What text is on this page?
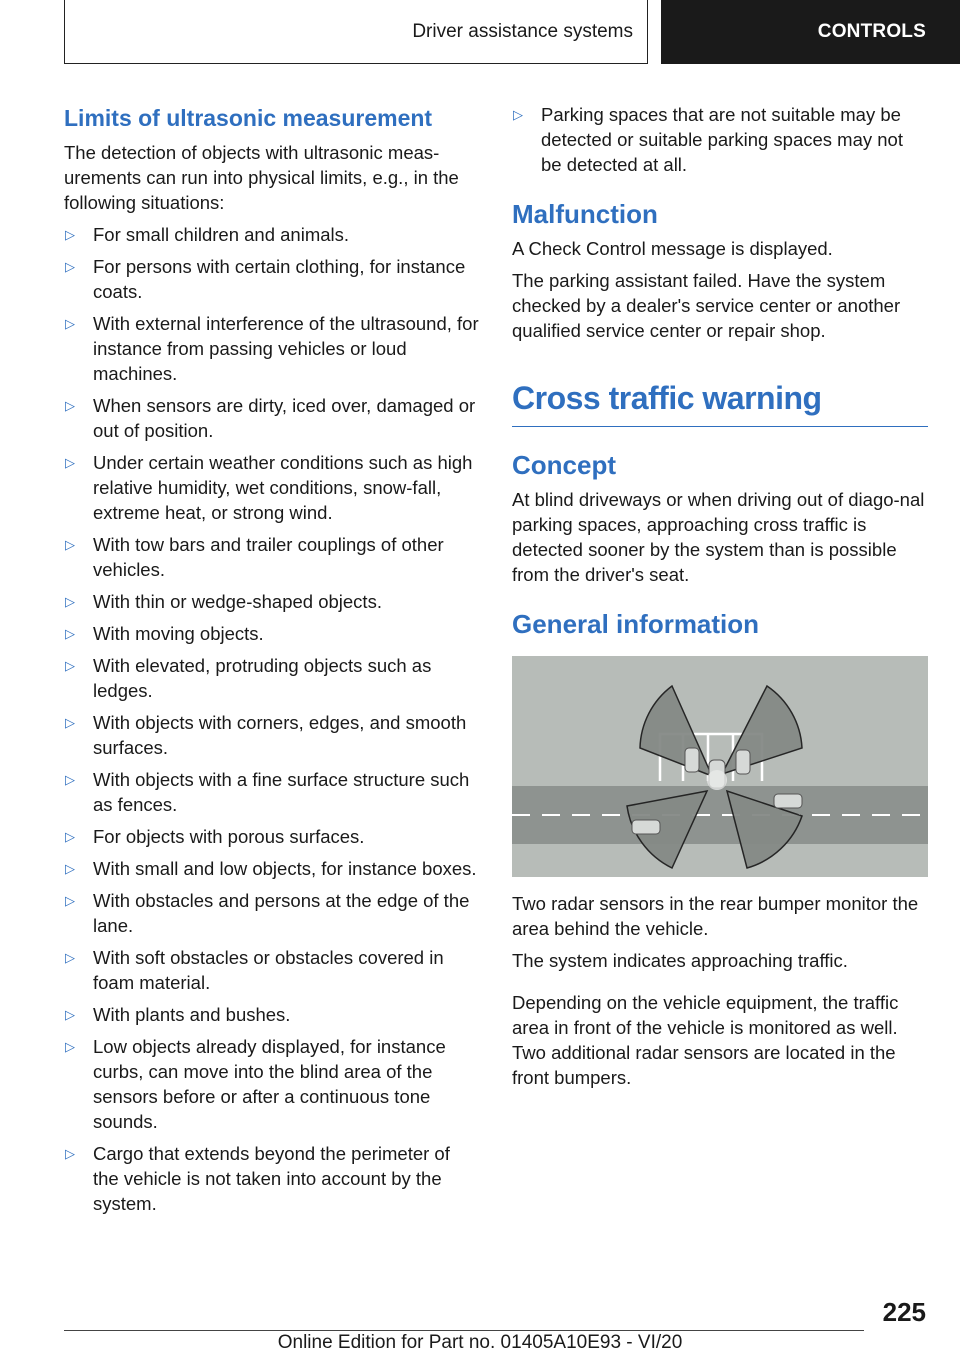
Driver assistance systems	CONTROLS
Limits of ultrasonic measurement

The detection of objects with ultrasonic meas-urements can run into physical limits, e.g., in the following situations:

▷ For small children and animals.
▷ For persons with certain clothing, for instance coats.
▷ With external interference of the ultrasound, for instance from passing vehicles or loud machines.
▷ When sensors are dirty, iced over, damaged or out of position.
▷ Under certain weather conditions such as high relative humidity, wet conditions, snow-fall, extreme heat, or strong wind.
▷ With tow bars and trailer couplings of other vehicles.
▷ With thin or wedge-shaped objects.
▷ With moving objects.
▷ With elevated, protruding objects such as ledges.
▷ With objects with corners, edges, and smooth surfaces.
▷ With objects with a fine surface structure such as fences.
▷ For objects with porous surfaces.
▷ With small and low objects, for instance boxes.
▷ With obstacles and persons at the edge of the lane.
▷ With soft obstacles or obstacles covered in foam material.
▷ With plants and bushes.
▷ Low objects already displayed, for instance curbs, can move into the blind area of the sensors before or after a continuous tone sounds.
▷ Cargo that extends beyond the perimeter of the vehicle is not taken into account by the system.
▷ Parking spaces that are not suitable may be detected or suitable parking spaces may not be detected at all.
Malfunction

A Check Control message is displayed.

The parking assistant failed. Have the system checked by a dealer's service center or another qualified service center or repair shop.

Cross traffic warning
Concept

At blind driveways or when driving out of diago-nal parking spaces, approaching cross traffic is detected sooner by the system than is possible from the driver's seat.

General information

Two radar sensors in the rear bumper monitor the area behind the vehicle.

The system indicates approaching traffic.

Depending on the vehicle equipment, the traffic area in front of the vehicle is monitored as well. Two additional radar sensors are located in the front bumpers.

225
Online Edition for Part no. 01405A10E93 - VI/20
